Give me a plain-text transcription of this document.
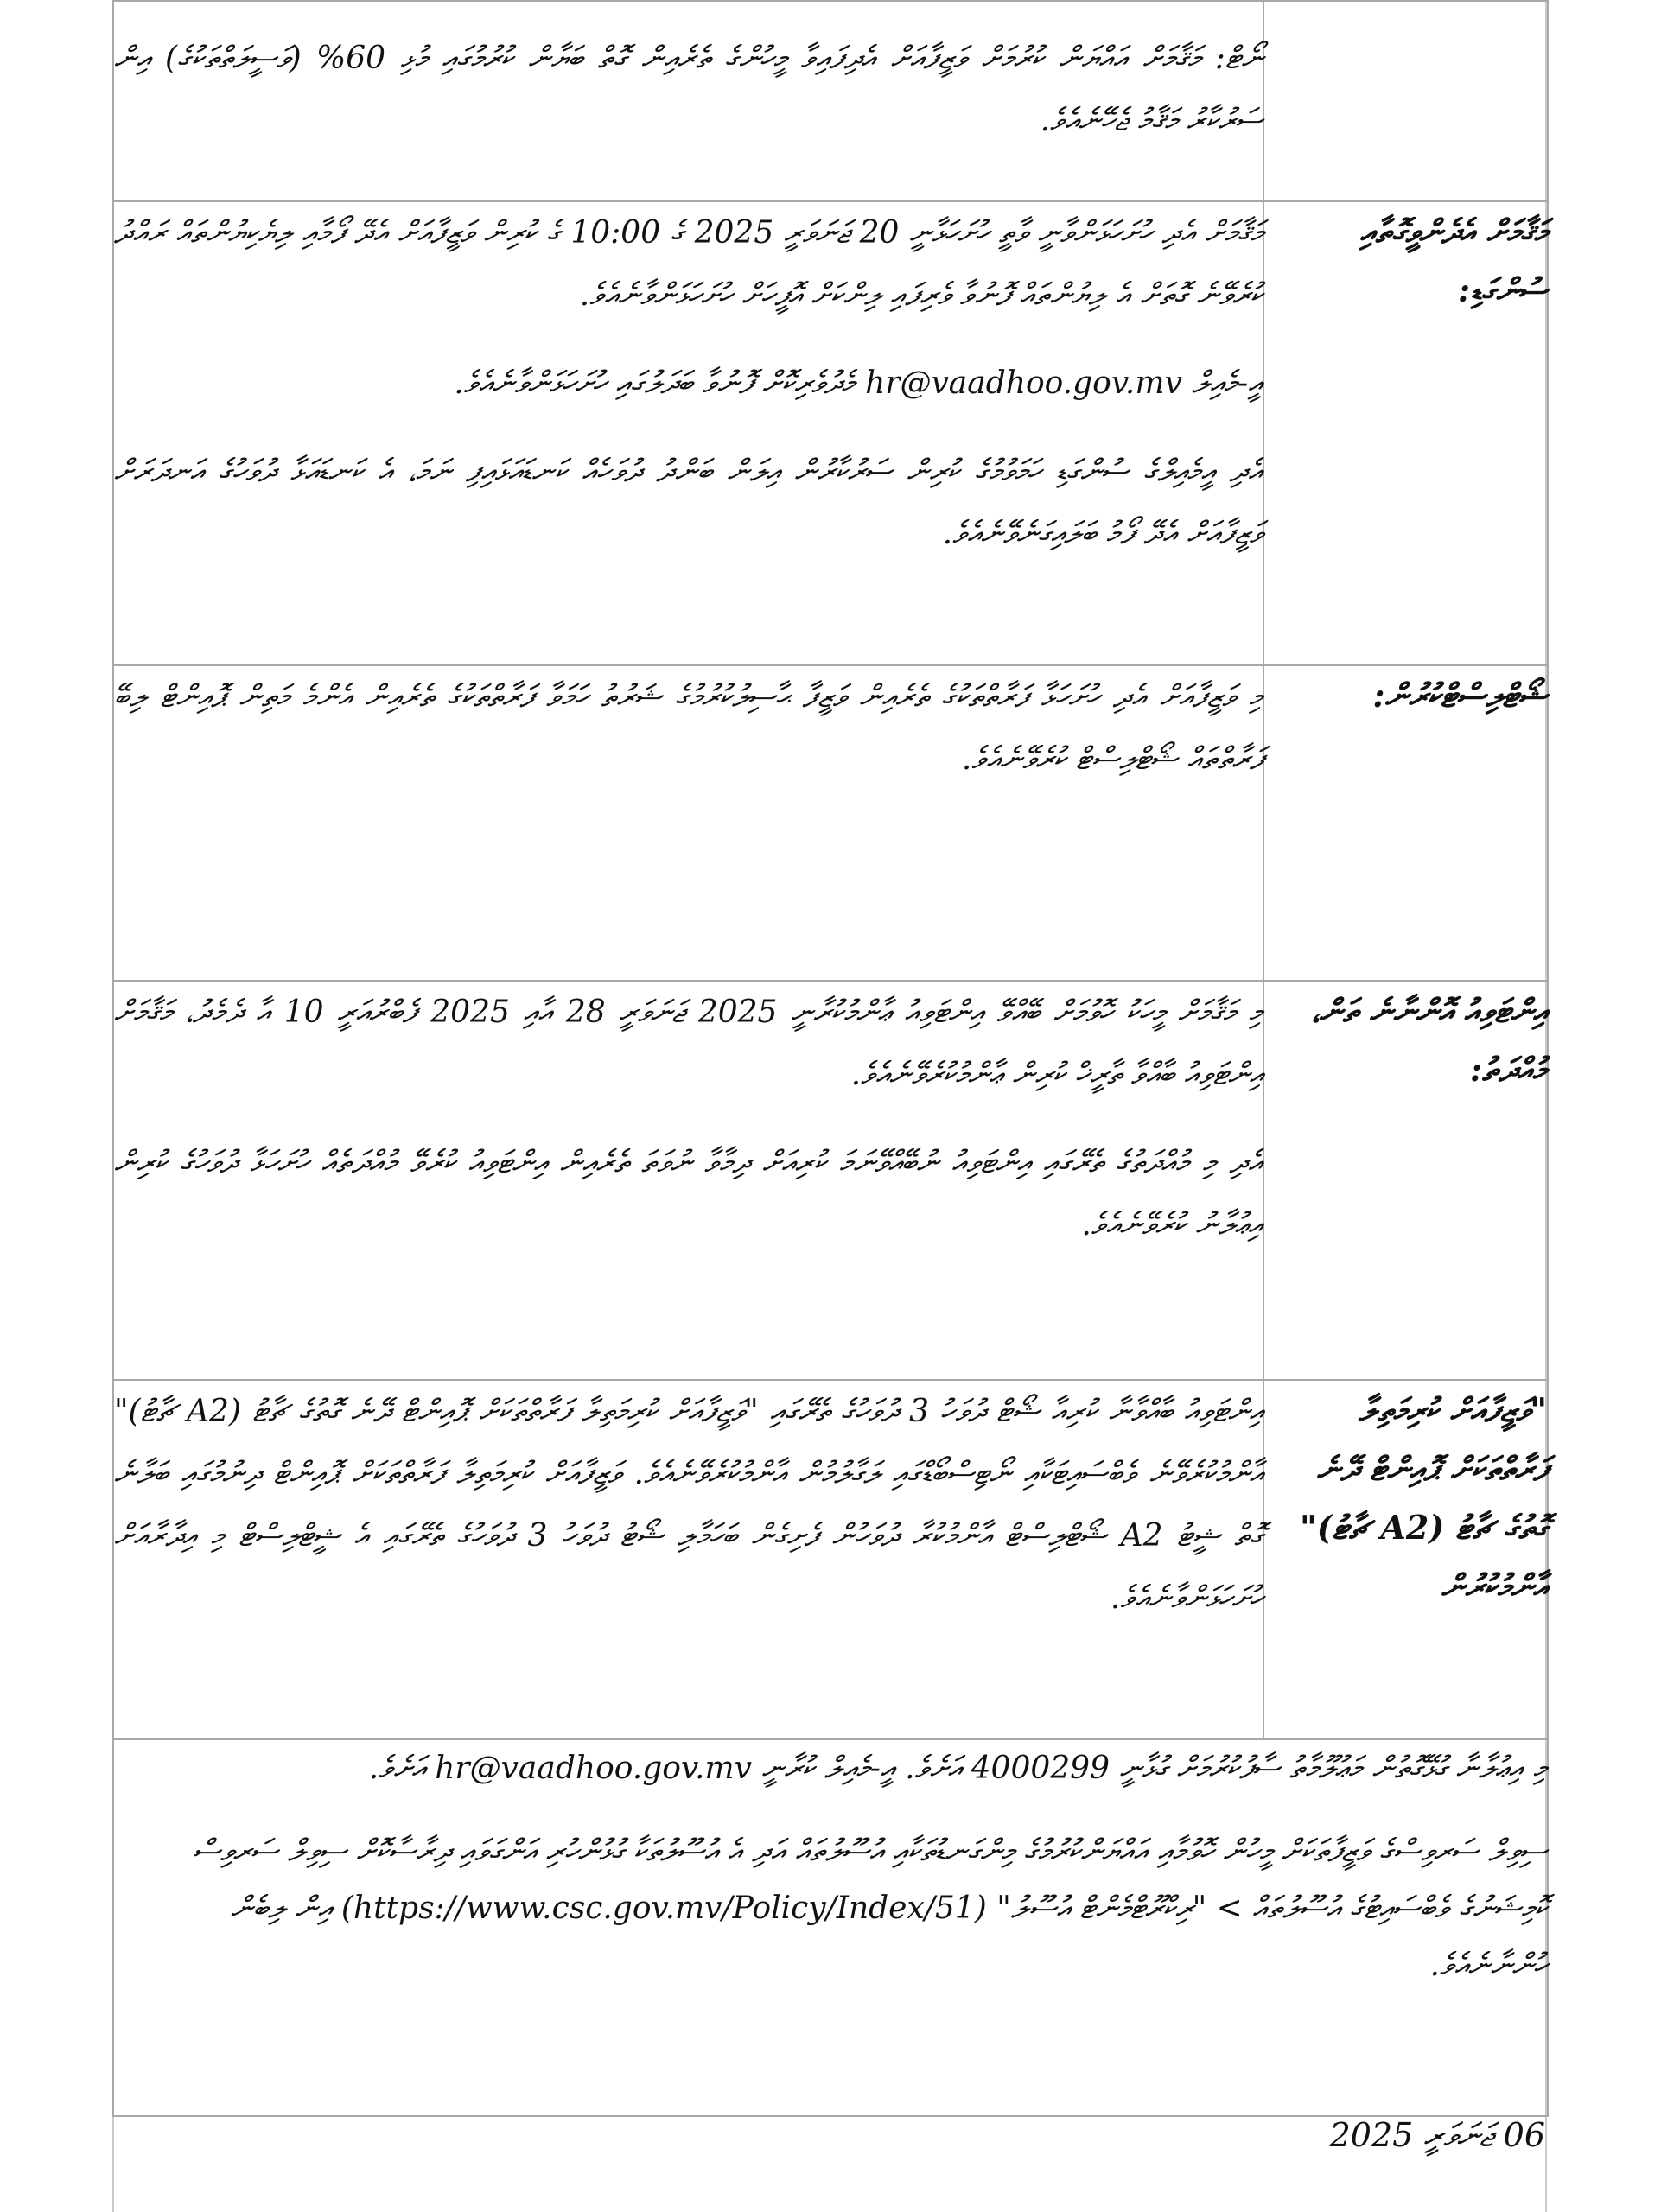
ނޯޓް: މަޤާމަށް އައްޔަން ކުރުމަށް ވަޒީފާއަށް އެދިފައިވާ މީހުންގެ ތެރެއިން ގޮތް ބަޔާން ކުރުމުގައި މުޅި 60% (ވަސީލަތްތަކުގެ) އިން ސަރުކާރު މަޤާމު ޖެހޭނެއެވެ.	

މަޤާމަށް އެދި ހުށަހަޅަންވާނީ ވާތީ ހުށަހަޅާނީ 20 ޖަނަވަރީ 2025 ގެ 10:00 ގެ ކުރިން ވަޒީފާއަށް އެދޭ ފޯމާއި ލިޔެކިޔުންތައް ރައްދު ކުރެވޭނެ ގޮތަށް އެ ލިޔުންތައް ފޮނުވާ ވެރިފައި ލިންކަށް އޮފީހަށް ހުށަހަޅަންވާނެއެވެ.

އީ-މެއިލް hr@vaadhoo.gov.mv މެދުވެރިކޮށް ފޮނުވާ ބަދަލުގައި ހުށަހަޅަންވާނެއެވެ.

އެދި އީމެއިލްގެ ސުންގަޑި ހަމަވުމުގެ ކުރިން ސަރުކާރުން އިލަން ބަންދު ދުވަހެއް ކަނޑައަޅައިފި ނަމަ، އެ ކަނޑައަޅާ ދުވަހުގެ އަނދަރަށް ވަޒީފާއަށް އެދޭ ފޯމު ބަލައިގަނެވޭނެއެވެ.	މަޤާމަށް އެދެންވީގޮތާއި ސުންގަޑި:

މި ވަޒީފާއަށް އެދި ހުށަހަޅާ ފަރާތްތަކުގެ ތެރެއިން ވަޒީފާ ޙާސިލުކުރުމުގެ ޝަރުތު ހަމަވާ ފަރާތްތަކުގެ ތެރެއިން އެންމެ މަތިން ޕޮއިންޓް ލިބޭ ފަރާތްތައް ޝޯޓްލިސްޓް ކުރެވޭނެއެވެ.	ޝޯޓްލިސްޓްކުރުން:

މި މަޤާމަށް މީހަކު ހޮވުމަށް ބޭއްވޭ އިންޓަވިއު ޢާންމުކުރާނީ 2025 ޖަނަވަރީ 28 އާއި 2025 ފެބްރުއަރީ 10 އާ ދެމެދު، މަޤާމަށް އިންޓަވިއު ބާއްވާ ތާރީޚް ކުރިން ޢާންމުކުރެވޭނެއެވެ.

އެދި މި މުއްދަތުގެ ތެރޭގައި އިންޓަވިއު ނުބޭއްވޭނަމަ ކުރިއަށް ދިމާވާ ނުވަތަ ތެރެއިން އިންޓަވިއު ކުރެވޭ މުއްދަތެއް ހުށަހަޅާ ދުވަހުގެ ކުރިން އިޢުލާނު ކުރެވޭނެއެވެ.	އިންޓަވިއު އޮންނާނެ ތަން، މުއްދަތު:

އިންޓަވިއު ބާއްވާނާ ކުރިއާ ޝޯޓް ދުވަހު 3 ދުވަހުގެ ތެރޭގައި "ވަޒީފާއަށް ކުރިމަތިލާ ފަރާތްތަކަށް ޕޮއިންޓް ދޭނެ ގޮތުގެ ޗާޓު (A2 ޗާޓު)" އާންމުކުރެވޭނެ ވެބްސައިޓަކާއި ނޯޓިސްބޯޑްގައި ލަގާލުމުން އާންމުކުރެވޭނެއެވެ. ވަޒީފާއަށް ކުރިމަތިލާ ފަރާތްތަކަށް ޕޮއިންޓް ދިނުމުގައި ބަލާނެ ގޮތް ޝީޓު A2 ޝޯޓްލިސްޓް އާންމުކުރާ ދުވަހުން ފެށިގެން ބަހަމާލި ޝޯޓު ދުވަހު 3 ދުވަހުގެ ތެރޭގައި އެ ޝީޓްލިސްޓް މި އިދާރާއަށް ހުށަހަޅަންވާނެއެވެ.	"ވަޒީފާއަށް ކުރިމަތިލާ ފަރާތްތަކަށް ޕޮއިންޓް ދޭނެ ގޮތުގެ ޗާޓު (A2 ޗާޓު)" އާންމުކުރުން

މި އިޢުލާނާ ގުޅޭގޮތުން މަޢުލޫމާތު ސާފުކުރުމަށް ގުޅާނީ 4000299 އަށެވެ. އީ-މެއިލް ކުރާނީ hr@vaadhoo.gov.mv އަށެވެ.

ސިވިލް ސަރވިސްގެ ވަޒީފާތަކަށް މީހުން ހޮވުމާއި އައްޔަންކުރުމުގެ މިންގަނޑުތަކާއި އުސޫލުތައް އަދި އެ އުސޫލުތަކާ ގުޅުންހުރި އަންގަވައި ދިރާސާކޮށް ސިވިލް ސަރވިސް ކޮމިޝަނުގެ ވެބްސައިޓުގެ އުސޫލުތައް > "ރިކްރޫޓްމެންޓް އުސޫލު" (https://www.csc.gov.mv/Policy/Index/51) އިން ލިބެން ހުންނާނެއެވެ.	

06 ޖަނަވަރީ 2025
